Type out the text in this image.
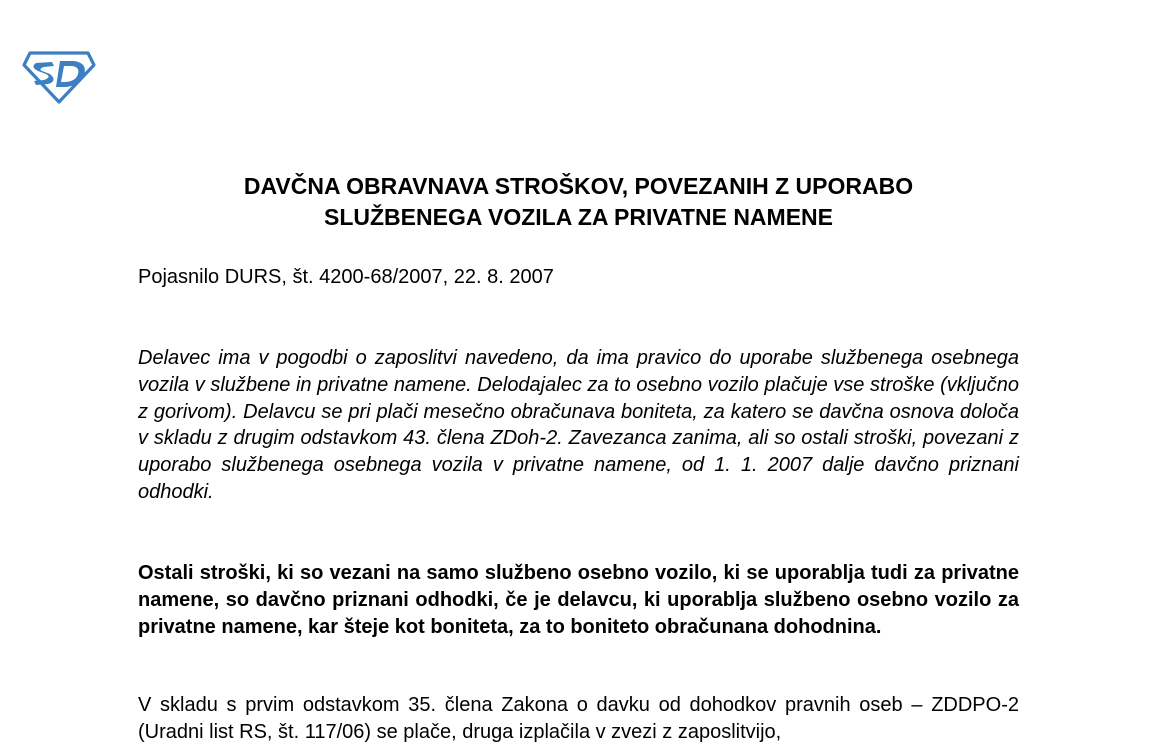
DAVČNA OBRAVNAVA STROŠKOV, POVEZANIH Z UPORABO
SLUŽBENEGA VOZILA ZA PRIVATNE NAMENE

Pojasnilo DURS, št. 4200-68/2007, 22. 8. 2007

Delavec ima v pogodbi o zaposlitvi navedeno, da ima pravico do uporabe službenega osebnega vozila v službene in privatne namene. Delodajalec za to osebno vozilo plačuje vse stroške (vključno z gorivom). Delavcu se pri plači mesečno obračunava boniteta, za katero se davčna osnova določa v skladu z drugim odstavkom 43. člena ZDoh-2. Zavezanca zanima, ali so ostali stroški, povezani z uporabo službenega osebnega vozila v privatne namene, od 1. 1. 2007 dalje davčno priznani odhodki.

Ostali stroški, ki so vezani na samo službeno osebno vozilo, ki se uporablja tudi za privatne namene, so davčno priznani odhodki, če je delavcu, ki uporablja službeno osebno vozilo za privatne namene, kar šteje kot boniteta, za to boniteto obračunana dohodnina.

V skladu s prvim odstavkom 35. člena Zakona o davku od dohodkov pravnih oseb – ZDDPO-2 (Uradni list RS, št. 117/06) se plače, druga izplačila v zvezi z zaposlitvijo,
